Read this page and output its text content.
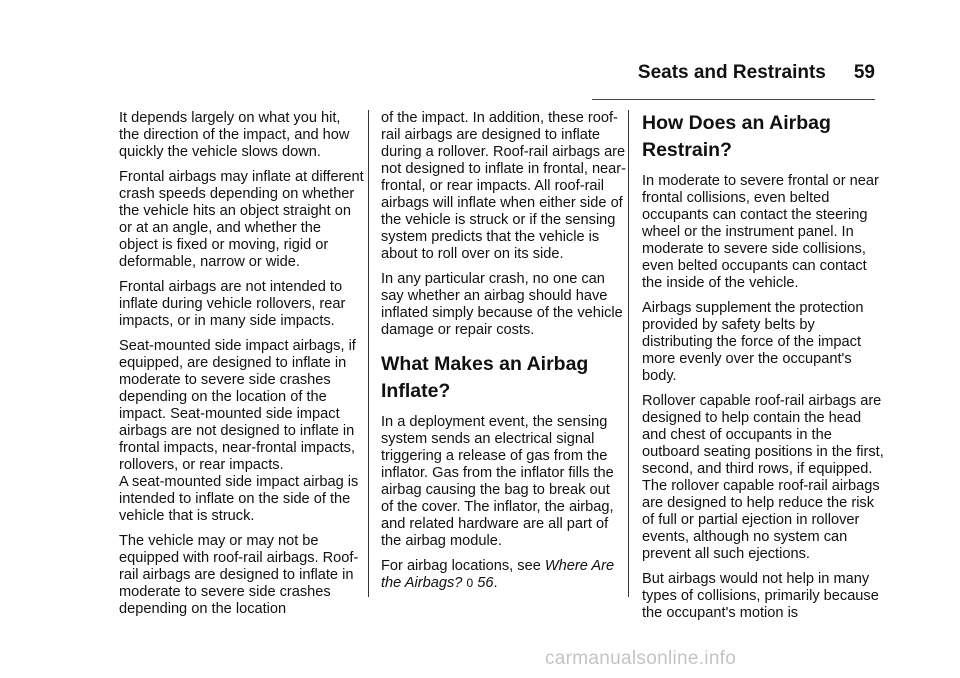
Seats and Restraints 59

It depends largely on what you hit, the direction of the impact, and how quickly the vehicle slows down.

Frontal airbags may inflate at different crash speeds depending on whether the vehicle hits an object straight on or at an angle, and whether the object is fixed or moving, rigid or deformable, narrow or wide.

Frontal airbags are not intended to inflate during vehicle rollovers, rear impacts, or in many side impacts.

Seat-mounted side impact airbags, if equipped, are designed to inflate in moderate to severe side crashes depending on the location of the impact. Seat-mounted side impact airbags are not designed to inflate in frontal impacts, near-frontal impacts, rollovers, or rear impacts.

A seat-mounted side impact airbag is intended to inflate on the side of the vehicle that is struck.

The vehicle may or may not be equipped with roof-rail airbags. Roof-rail airbags are designed to inflate in moderate to severe side crashes depending on the location

of the impact. In addition, these roof-rail airbags are designed to inflate during a rollover. Roof-rail airbags are not designed to inflate in frontal, near-frontal, or rear impacts. All roof-rail airbags will inflate when either side of the vehicle is struck or if the sensing system predicts that the vehicle is about to roll over on its side.

In any particular crash, no one can say whether an airbag should have inflated simply because of the vehicle damage or repair costs.

What Makes an Airbag Inflate?

In a deployment event, the sensing system sends an electrical signal triggering a release of gas from the inflator. Gas from the inflator fills the airbag causing the bag to break out of the cover. The inflator, the airbag, and related hardware are all part of the airbag module.

For airbag locations, see Where Are the Airbags? 0 56.

How Does an Airbag Restrain?

In moderate to severe frontal or near frontal collisions, even belted occupants can contact the steering wheel or the instrument panel. In moderate to severe side collisions, even belted occupants can contact the inside of the vehicle.

Airbags supplement the protection provided by safety belts by distributing the force of the impact more evenly over the occupant's body.

Rollover capable roof-rail airbags are designed to help contain the head and chest of occupants in the outboard seating positions in the first, second, and third rows, if equipped. The rollover capable roof-rail airbags are designed to help reduce the risk of full or partial ejection in rollover events, although no system can prevent all such ejections.

But airbags would not help in many types of collisions, primarily because the occupant's motion is

carmanualsonline.info
